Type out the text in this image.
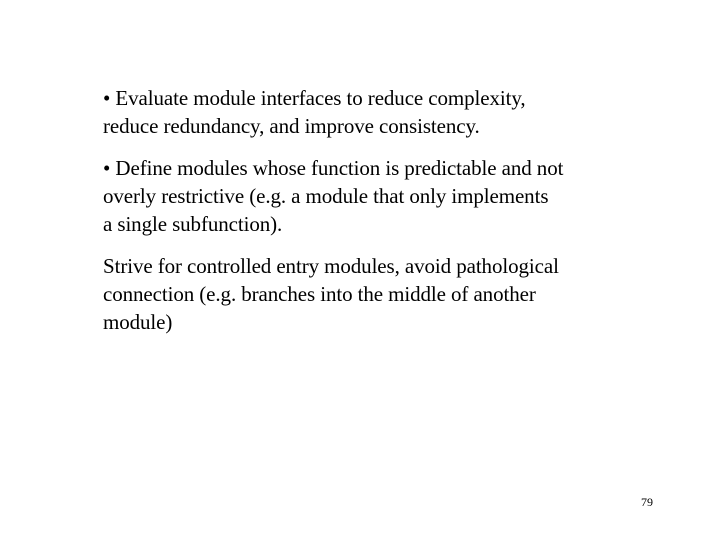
• Evaluate module interfaces to reduce complexity,
reduce redundancy, and improve consistency.

• Define modules whose function is predictable and not
overly restrictive (e.g. a module that only implements
a single subfunction).

Strive for controlled entry modules, avoid pathological
connection (e.g. branches into the middle of another
module)

79
